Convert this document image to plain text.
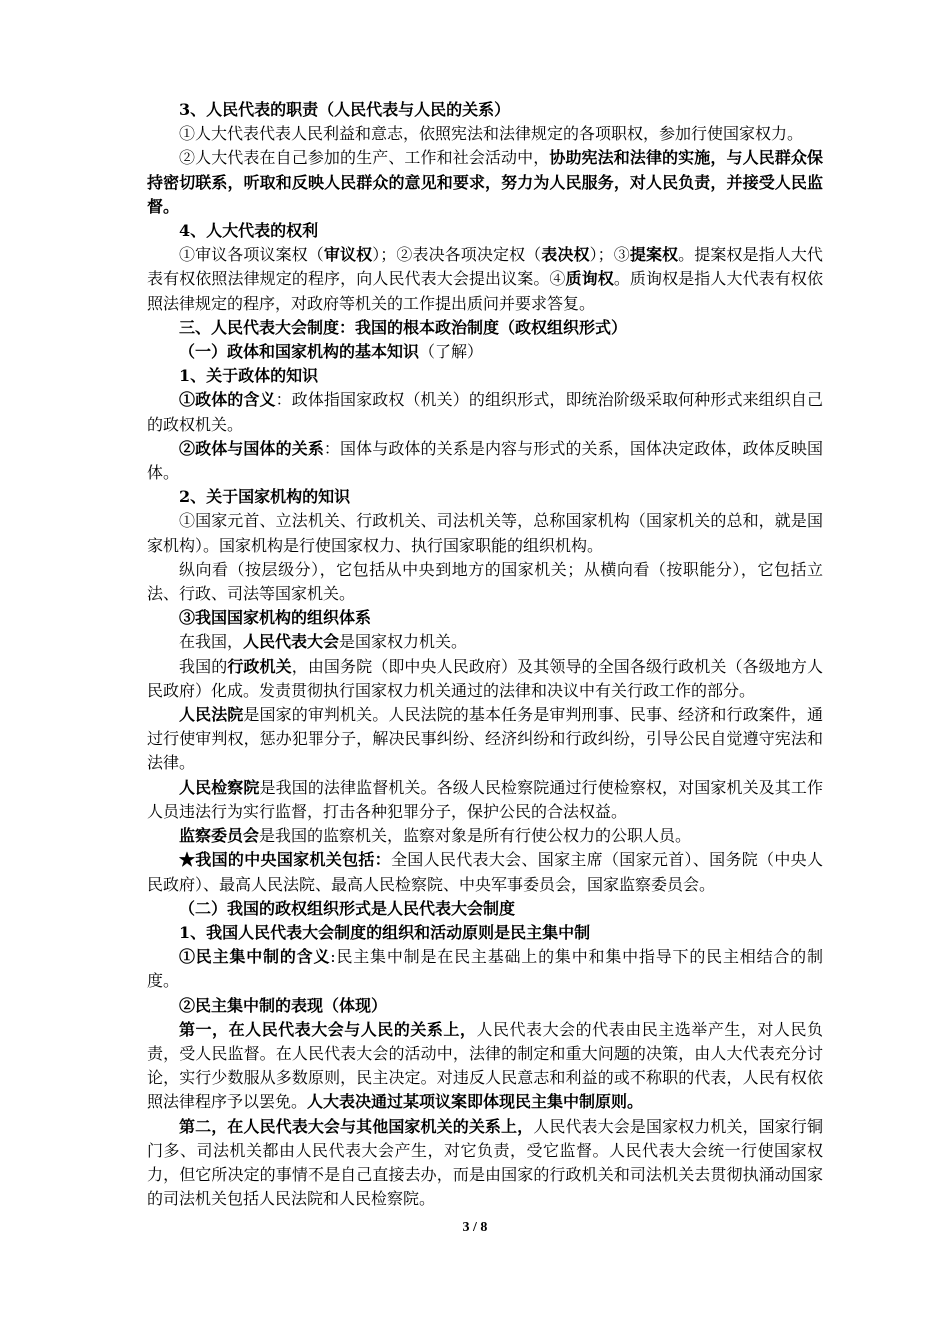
3、人民代表的职责（人民代表与人民的关系）

①人大代表代表人民利益和意志，依照宪法和法律规定的各项职权，参加行使国家权力。

②人大代表在自己参加的生产、工作和社会活动中，协助宪法和法律的实施，与人民群众保持密切联系，听取和反映人民群众的意见和要求，努力为人民服务，对人民负责，并接受人民监督。

4、人大代表的权利

①审议各项议案权（审议权）；②表决各项决定权（表决权）；③提案权。提案权是指人大代表有权依照法律规定的程序，向人民代表大会提出议案。④质询权。质询权是指人大代表有权依照法律规定的程序，对政府等机关的工作提出质问并要求答复。

三、人民代表大会制度：我国的根本政治制度（政权组织形式）

（一）政体和国家机构的基本知识（了解）

1、关于政体的知识

①政体的含义：政体指国家政权（机关）的组织形式，即统治阶级采取何种形式来组织自己的政权机关。

②政体与国体的关系：国体与政体的关系是内容与形式的关系，国体决定政体，政体反映国体。

2、关于国家机构的知识

①国家元首、立法机关、行政机关、司法机关等，总称国家机构（国家机关的总和，就是国家机构）。国家机构是行使国家权力、执行国家职能的组织机构。

纵向看（按层级分），它包括从中央到地方的国家机关；从横向看（按职能分），它包括立法、行政、司法等国家机关。

③我国国家机构的组织体系

在我国，人民代表大会是国家权力机关。

我国的行政机关，由国务院（即中央人民政府）及其领导的全国各级行政机关（各级地方人民政府）化成。发责贯彻执行国家权力机关通过的法律和决议中有关行政工作的部分。

人民法院是国家的审判机关。人民法院的基本任务是审判刑事、民事、经济和行政案件，通过行使审判权，惩办犯罪分子，解决民事纠纷、经济纠纷和行政纠纷，引导公民自觉遵守宪法和法律。

人民检察院是我国的法律监督机关。各级人民检察院通过行使检察权，对国家机关及其工作人员违法行为实行监督，打击各种犯罪分子，保护公民的合法权益。

监察委员会是我国的监察机关，监察对象是所有行使公权力的公职人员。

★我国的中央国家机关包括：全国人民代表大会、国家主席（国家元首）、国务院（中央人民政府）、最高人民法院、最高人民检察院、中央军事委员会，国家监察委员会。

（二）我国的政权组织形式是人民代表大会制度

1、我国人民代表大会制度的组织和活动原则是民主集中制

①民主集中制的含义:民主集中制是在民主基础上的集中和集中指导下的民主相结合的制度。

②民主集中制的表现（体现）

第一，在人民代表大会与人民的关系上，人民代表大会的代表由民主选举产生，对人民负责，受人民监督。在人民代表大会的活动中，法律的制定和重大问题的决策，由人大代表充分讨论，实行少数服从多数原则，民主决定。对违反人民意志和利益的或不称职的代表，人民有权依照法律程序予以罢免。人大表决通过某项议案即体现民主集中制原则。

第二，在人民代表大会与其他国家机关的关系上，人民代表大会是国家权力机关，国家行铜门多、司法机关都由人民代表大会产生，对它负责，受它监督。人民代表大会统一行使国家权力，但它所决定的事情不是自己直接去办，而是由国家的行政机关和司法机关去贯彻执涌动国家的司法机关包括人民法院和人民检察院。

3 / 8
